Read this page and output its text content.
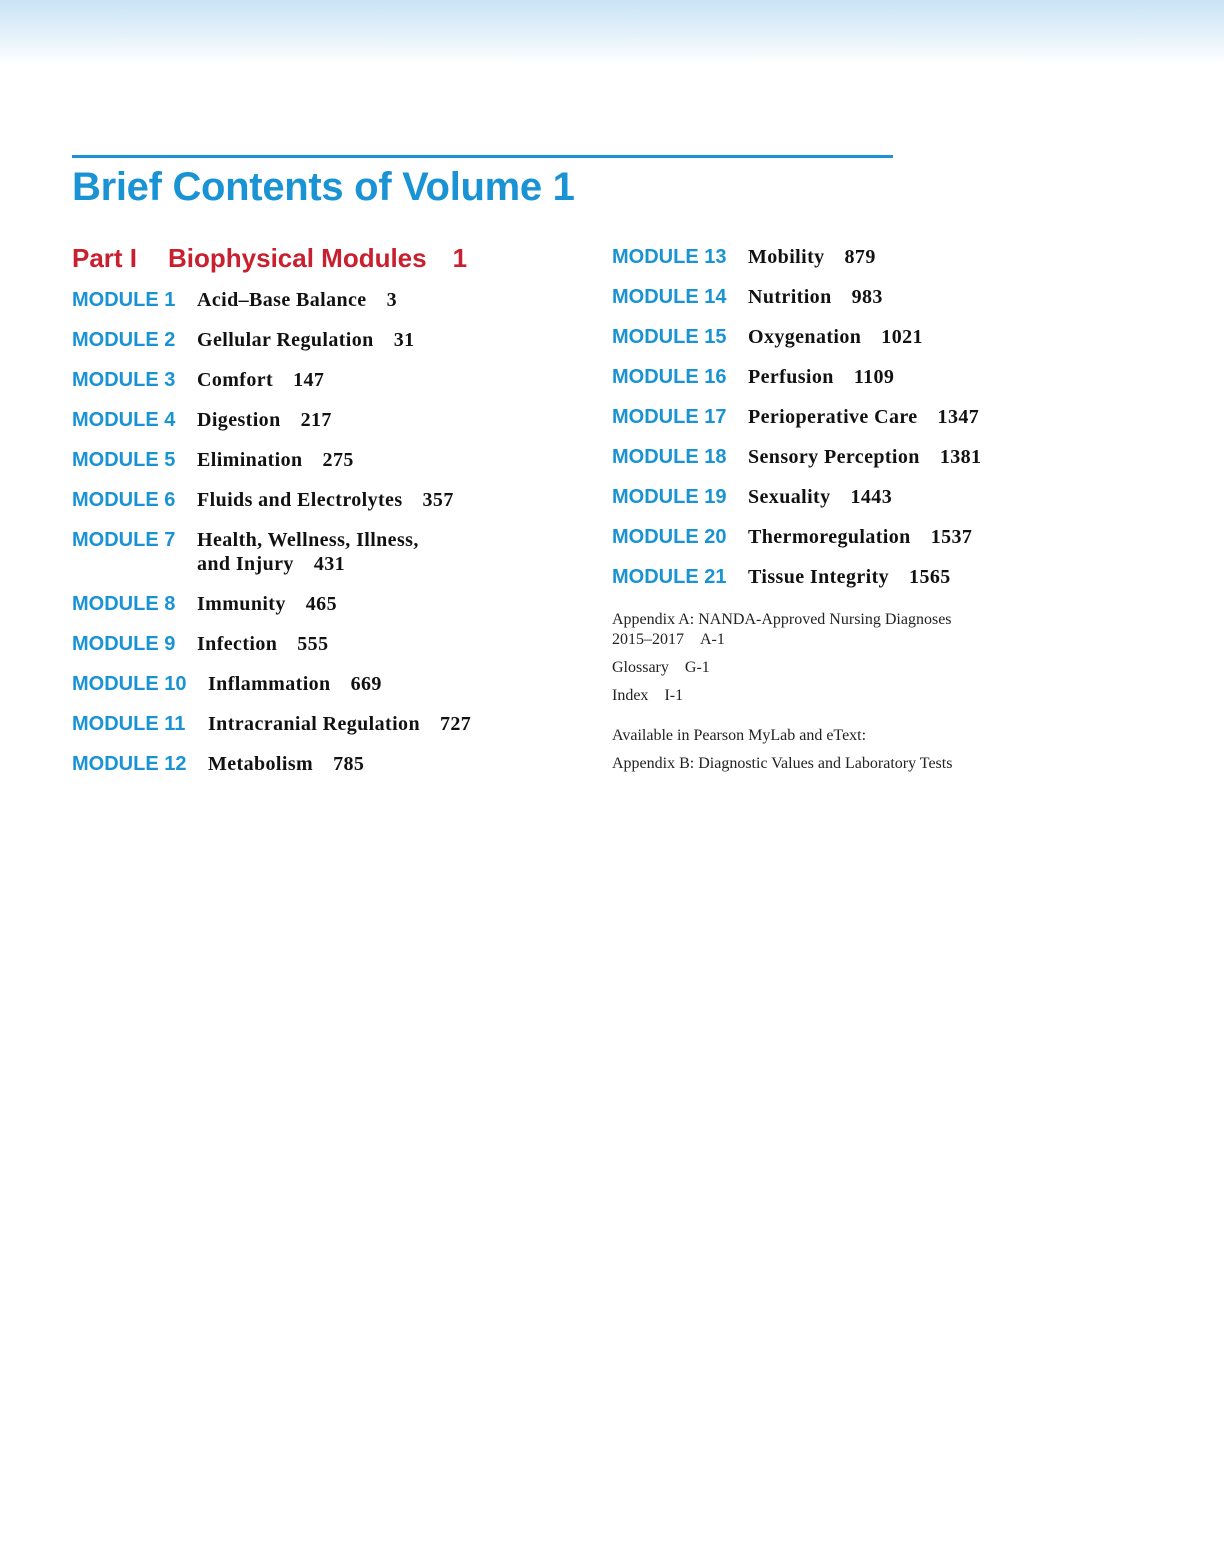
Brief Contents of Volume 1
Part I Biophysical Modules 1
MODULE 1	Acid–Base Balance 3
MODULE 2	Gellular Regulation 31
MODULE 3	Comfort 147
MODULE 4	Digestion 217
MODULE 5	Elimination 275
MODULE 6	Fluids and Electrolytes 357
MODULE 7	Health, Wellness, Illness,
and Injury 431
MODULE 8	Immunity 465
MODULE 9	Infection 555
MODULE 10	Inflammation 669
MODULE 11	Intracranial Regulation 727
MODULE 12	Metabolism 785
MODULE 13	Mobility 879
MODULE 14	Nutrition 983
MODULE 15	Oxygenation 1021
MODULE 16	Perfusion 1109
MODULE 17	Perioperative Care 1347
MODULE 18	Sensory Perception 1381
MODULE 19	Sexuality 1443
MODULE 20	Thermoregulation 1537
MODULE 21	Tissue Integrity 1565
Appendix A: NANDA-Approved Nursing Diagnoses
2015–2017 A-1
Glossary G-1
Index I-1
Available in Pearson MyLab and eText:
Appendix B: Diagnostic Values and Laboratory Tests
